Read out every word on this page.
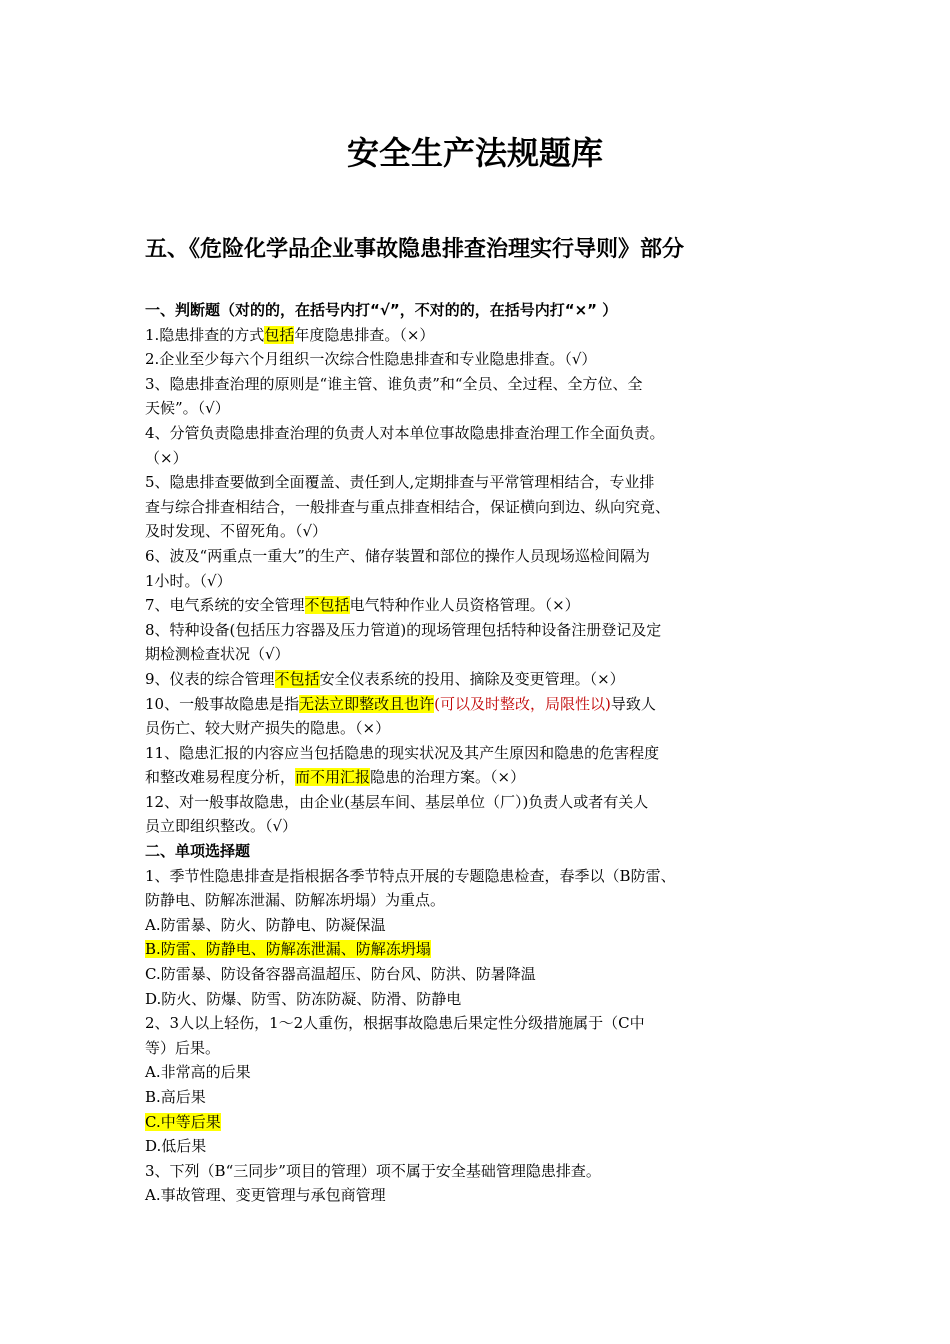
安全生产法规题库
五、《危险化学品企业事故隐患排查治理实行导则》部分

一、判断题（对的的，在括号内打“√”，不对的的，在括号内打“×” ）

1.隐患排查的方式包括年度隐患排查。（×）

2.企业至少每六个月组织一次综合性隐患排查和专业隐患排查。（√）

3、隐患排查治理的原则是“谁主管、谁负责”和“全员、全过程、全方位、全

天候”。（√）

4、分管负责隐患排查治理的负责人对本单位事故隐患排查治理工作全面负责。

（×）

5、隐患排查要做到全面覆盖、责任到人,定期排查与平常管理相结合，专业排

查与综合排查相结合，一般排查与重点排查相结合，保证横向到边、纵向究竟、

及时发现、不留死角。（√）

6、波及“两重点一重大”的生产、储存装置和部位的操作人员现场巡检间隔为

1小时。（√）

7、电气系统的安全管理不包括电气特种作业人员资格管理。（×）

8、特种设备(包括压力容器及压力管道)的现场管理包括特种设备注册登记及定

期检测检查状况（√）

9、仪表的综合管理不包括安全仪表系统的投用、摘除及变更管理。（×）

10、一般事故隐患是指无法立即整改且也许(可以及时整改，局限性以)导致人

员伤亡、较大财产损失的隐患。（×）

11、隐患汇报的内容应当包括隐患的现实状况及其产生原因和隐患的危害程度

和整改难易程度分析，而不用汇报隐患的治理方案。（×）

12、对一般事故隐患，由企业(基层车间、基层单位（厂）)负责人或者有关人

员立即组织整改。（√）

二、单项选择题

1、季节性隐患排查是指根据各季节特点开展的专题隐患检查，春季以（B防雷、

防静电、防解冻泄漏、防解冻坍塌）为重点。

A.防雷暴、防火、防静电、防凝保温

B.防雷、防静电、防解冻泄漏、防解冻坍塌

C.防雷暴、防设备容器高温超压、防台风、防洪、防暑降温

D.防火、防爆、防雪、防冻防凝、防滑、防静电

2、3人以上轻伤，1～2人重伤，根据事故隐患后果定性分级措施属于（C中

等）后果。

A.非常高的后果

B.高后果

C.中等后果

D.低后果

3、下列（B“三同步”项目的管理）项不属于安全基础管理隐患排查。

A.事故管理、变更管理与承包商管理
